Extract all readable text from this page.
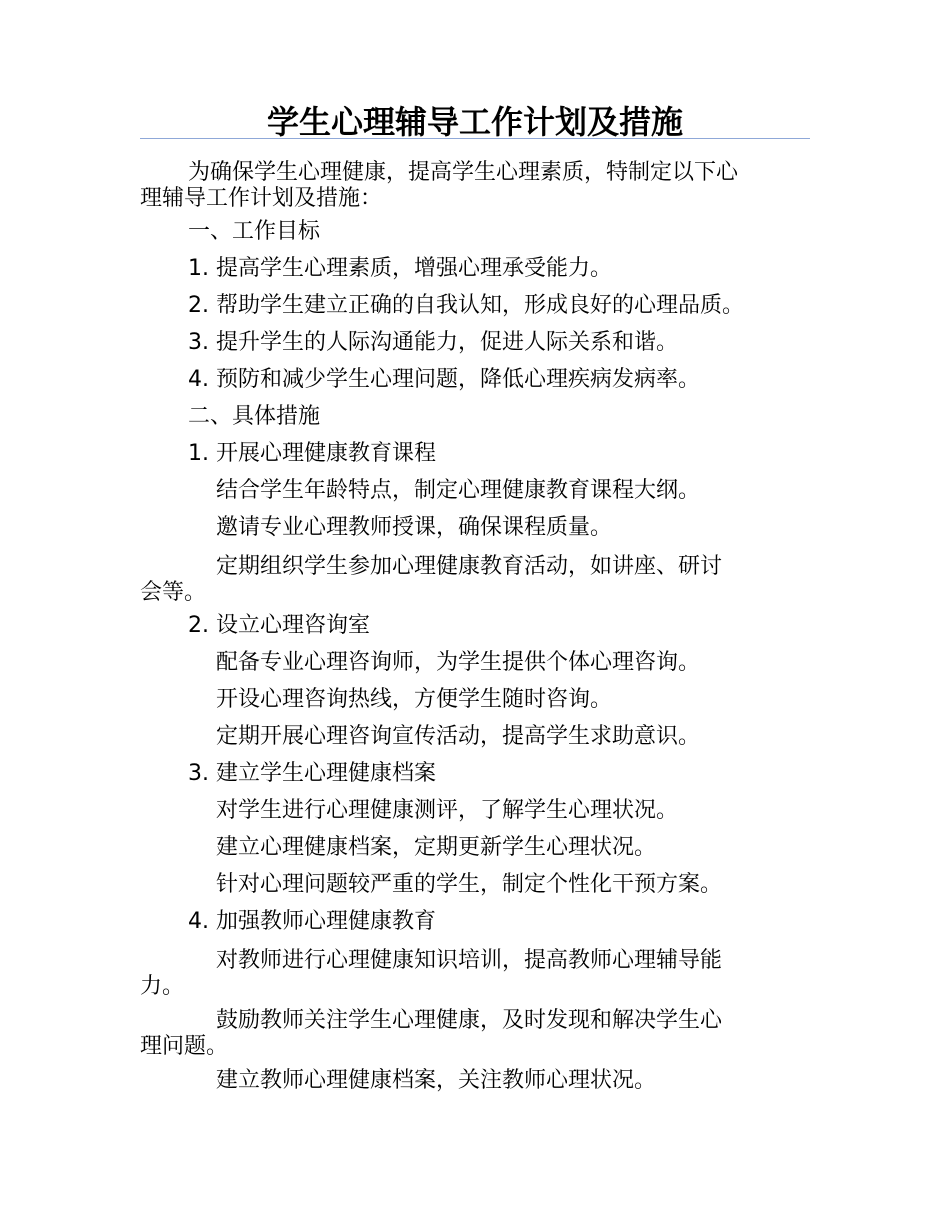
学生心理辅导工作计划及措施
为确保学生心理健康，提高学生心理素质，特制定以下心
理辅导工作计划及措施：
一、工作目标
1. 提高学生心理素质，增强心理承受能力。
2. 帮助学生建立正确的自我认知，形成良好的心理品质。
3. 提升学生的人际沟通能力，促进人际关系和谐。
4. 预防和减少学生心理问题，降低心理疾病发病率。
二、具体措施
1. 开展心理健康教育课程
结合学生年龄特点，制定心理健康教育课程大纲。
邀请专业心理教师授课，确保课程质量。
定期组织学生参加心理健康教育活动，如讲座、研讨
会等。
2. 设立心理咨询室
配备专业心理咨询师，为学生提供个体心理咨询。
开设心理咨询热线，方便学生随时咨询。
定期开展心理咨询宣传活动，提高学生求助意识。
3. 建立学生心理健康档案
对学生进行心理健康测评，了解学生心理状况。
建立心理健康档案，定期更新学生心理状况。
针对心理问题较严重的学生，制定个性化干预方案。
4. 加强教师心理健康教育
对教师进行心理健康知识培训，提高教师心理辅导能
力。
鼓励教师关注学生心理健康，及时发现和解决学生心
理问题。
建立教师心理健康档案，关注教师心理状况。
